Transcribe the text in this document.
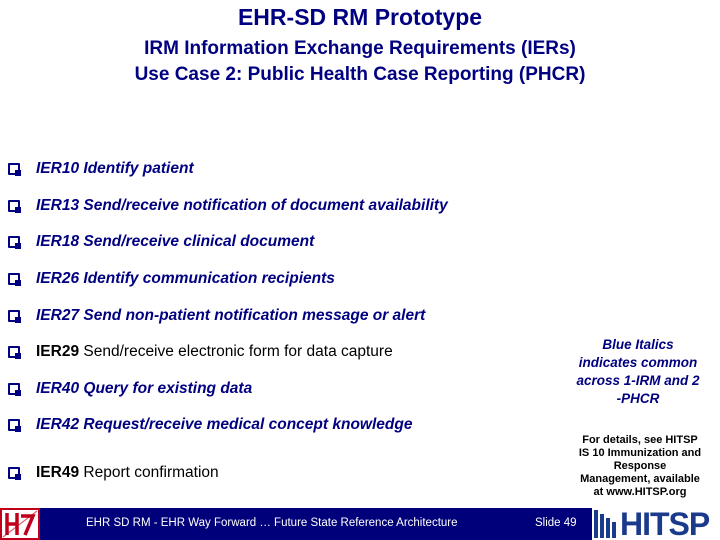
EHR-SD RM Prototype
IRM Information Exchange Requirements (IERs)
Use Case 2: Public Health Case Reporting (PHCR)
IER10 Identify patient
IER13 Send/receive notification of document availability
IER18 Send/receive clinical document
IER26 Identify communication recipients
IER27 Send non-patient notification message or alert
IER29 Send/receive electronic form for data capture
IER40 Query for existing data
IER42 Request/receive medical concept knowledge
IER49 Report confirmation
Blue Italics
indicates common
across 1-IRM and 2
-PHCR
For details, see HITSP
IS 10 Immunization and
Response
Management, available
at www.HITSP.org
EHR SD RM - EHR Way Forward … Future State Reference Architecture	Slide 49 HITSP
